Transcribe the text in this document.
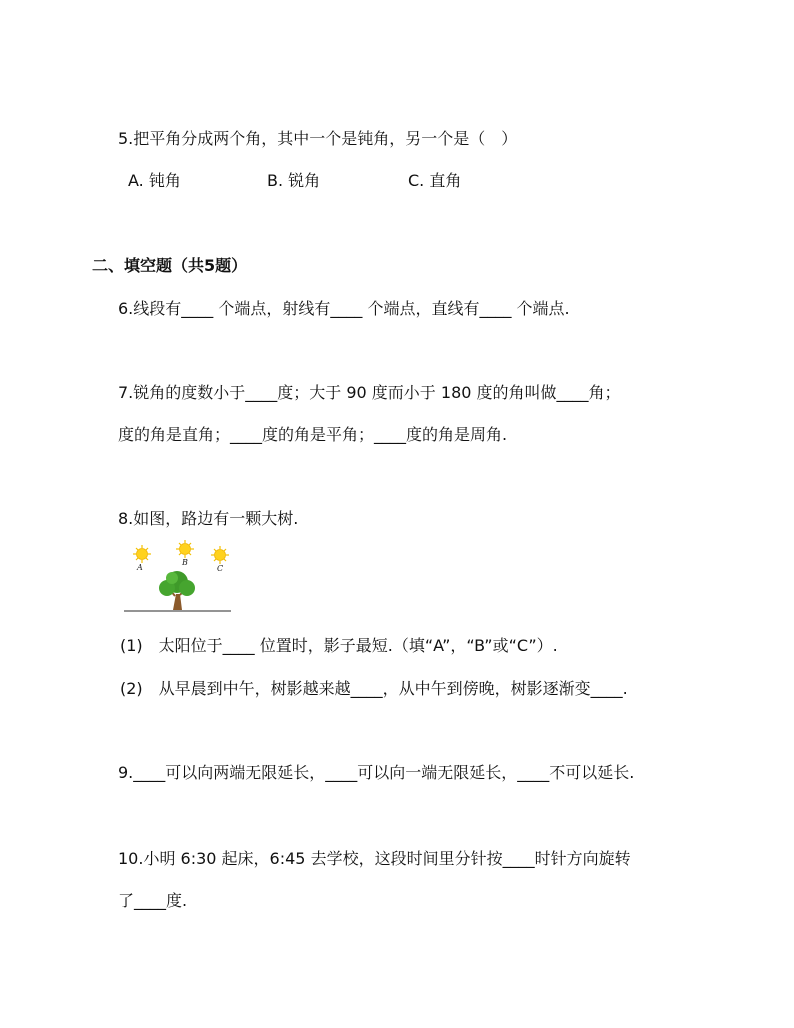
5.把平角分成两个角，其中一个是钝角，另一个是（　）
A. 钝角	B. 锐角	C. 直角
二、填空题（共5题）
6.线段有____ 个端点，射线有____ 个端点，直线有____ 个端点.
7.锐角的度数小于____度；大于 90 度而小于 180 度的角叫做____角；
度的角是直角；____度的角是平角；____度的角是周角.
8.如图，路边有一颗大树.
A
B
C
(1)　太阳位于____ 位置时，影子最短.（填“A”，“B”或“C”）.
(2)　从早晨到中午，树影越来越____，从中午到傍晚，树影逐渐变____.
9.____可以向两端无限延长，____可以向一端无限延长，____不可以延长.
10.小明 6:30 起床，6:45 去学校，这段时间里分针按____时针方向旋转
了____度.
